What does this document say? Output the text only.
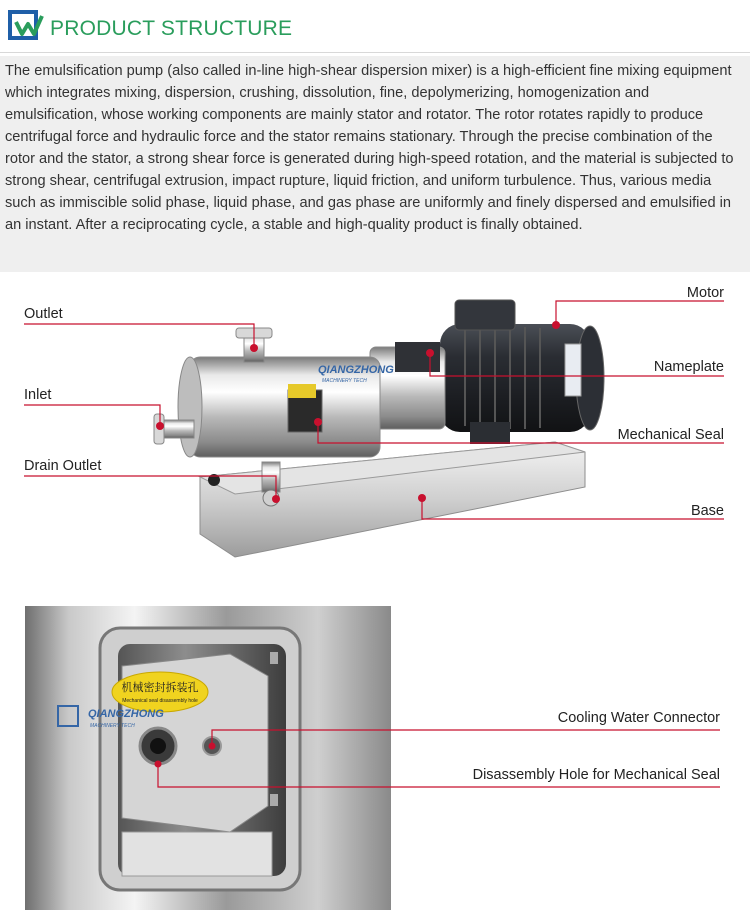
PRODUCT STRUCTURE
The emulsification pump (also called in-line high-shear dispersion mixer) is a high-efficient fine mixing equipment which integrates mixing, dispersion, crushing, dissolution, fine, depolymerizing, homogenization and emulsification, whose working components are mainly stator and rotator. The rotor rotates rapidly to produce centrifugal force and hydraulic force and the stator remains stationary. Through the precise combination of the rotor and the stator, a strong shear force is generated during high-speed rotation, and the material is subjected to strong shear, centrifugal extrusion, impact rupture, liquid friction, and uniform turbulence. Thus, various media such as immiscible solid phase, liquid phase, and gas phase are uniformly and finely dispersed and emulsified in an instant. After a reciprocating cycle, a stable and high-quality product is finally obtained.
QIANGZHONG
MACHINERY TECH
Outlet
Inlet
Drain Outlet
Motor
Nameplate
Mechanical Seal
Base
机械密封拆装孔
Mechanical seal disassembly hole
QIANGZHONG
MACHINERY TECH	Cooling Water Connector
Disassembly Hole for Mechanical Seal
